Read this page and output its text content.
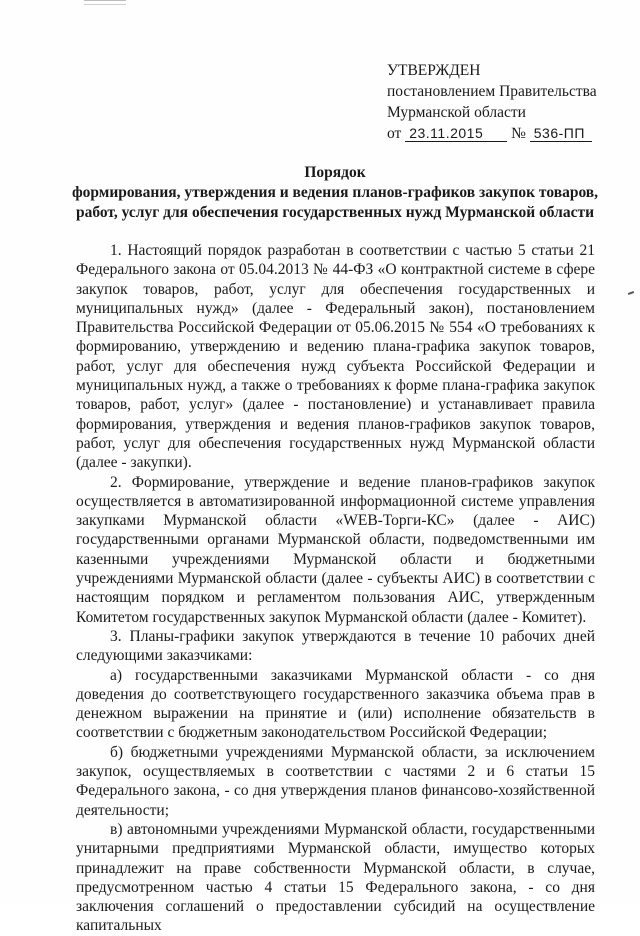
УТВЕРЖДЕН
постановлением Правительства
Мурманской области
от 23.11.2015 № 536-ПП
Порядок
формирования, утверждения и ведения планов-графиков закупок товаров,
работ, услуг для обеспечения государственных нужд Мурманской области

1. Настоящий порядок разработан в соответствии с частью 5 статьи 21 Федерального закона от 05.04.2013 № 44-ФЗ «О контрактной системе в сфере закупок товаров, работ, услуг для обеспечения государственных и муниципальных нужд» (далее - Федеральный закон), постановлением Правительства Российской Федерации от 05.06.2015 № 554 «О требованиях к формированию, утверждению и ведению плана-графика закупок товаров, работ, услуг для обеспечения нужд субъекта Российской Федерации и муниципальных нужд, а также о требованиях к форме плана-графика закупок товаров, работ, услуг» (далее - постановление) и устанавливает правила формирования, утверждения и ведения планов-графиков закупок товаров, работ, услуг для обеспечения государственных нужд Мурманской области (далее - закупки).

2. Формирование, утверждение и ведение планов-графиков закупок осуществляется в автоматизированной информационной системе управления закупками Мурманской области «WEB-Торги-КС» (далее - АИС) государственными органами Мурманской области, подведомственными им казенными учреждениями Мурманской области и бюджетными учреждениями Мурманской области (далее - субъекты АИС) в соответствии с настоящим порядком и регламентом пользования АИС, утвержденным Комитетом государственных закупок Мурманской области (далее - Комитет).

3. Планы-графики закупок утверждаются в течение 10 рабочих дней следующими заказчиками:

а) государственными заказчиками Мурманской области - со дня доведения до соответствующего государственного заказчика объема прав в денежном выражении на принятие и (или) исполнение обязательств в соответствии с бюджетным законодательством Российской Федерации;

б) бюджетными учреждениями Мурманской области, за исключением закупок, осуществляемых в соответствии с частями 2 и 6 статьи 15 Федерального закона, - со дня утверждения планов финансово-хозяйственной деятельности;

в) автономными учреждениями Мурманской области, государственными унитарными предприятиями Мурманской области, имущество которых принадлежит на праве собственности Мурманской области, в случае, предусмотренном частью 4 статьи 15 Федерального закона, - со дня заключения соглашений о предоставлении субсидий на осуществление капитальных
